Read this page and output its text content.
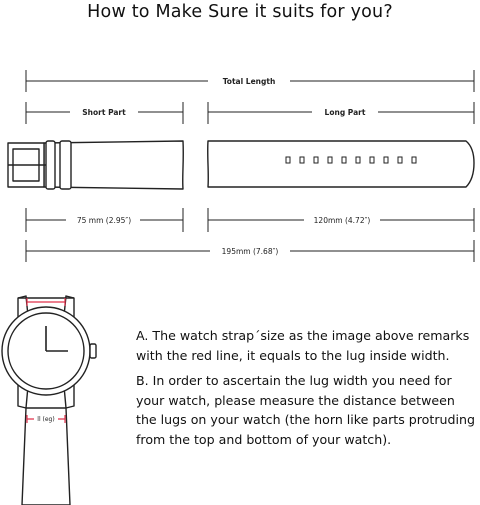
How to Make Sure it suits for you?
Total Length
Short Part	Long Part
75 mm (2.95″)	120mm (4.72″)
195mm (7.68″)
ll (eg)

A. The watch strap´size as the image above remarks with the red line, it equals to the lug inside width.

B. In order to ascertain the lug width you need for your watch, please measure the distance between the lugs on your watch (the horn like parts protruding from the top and bottom of your watch).
